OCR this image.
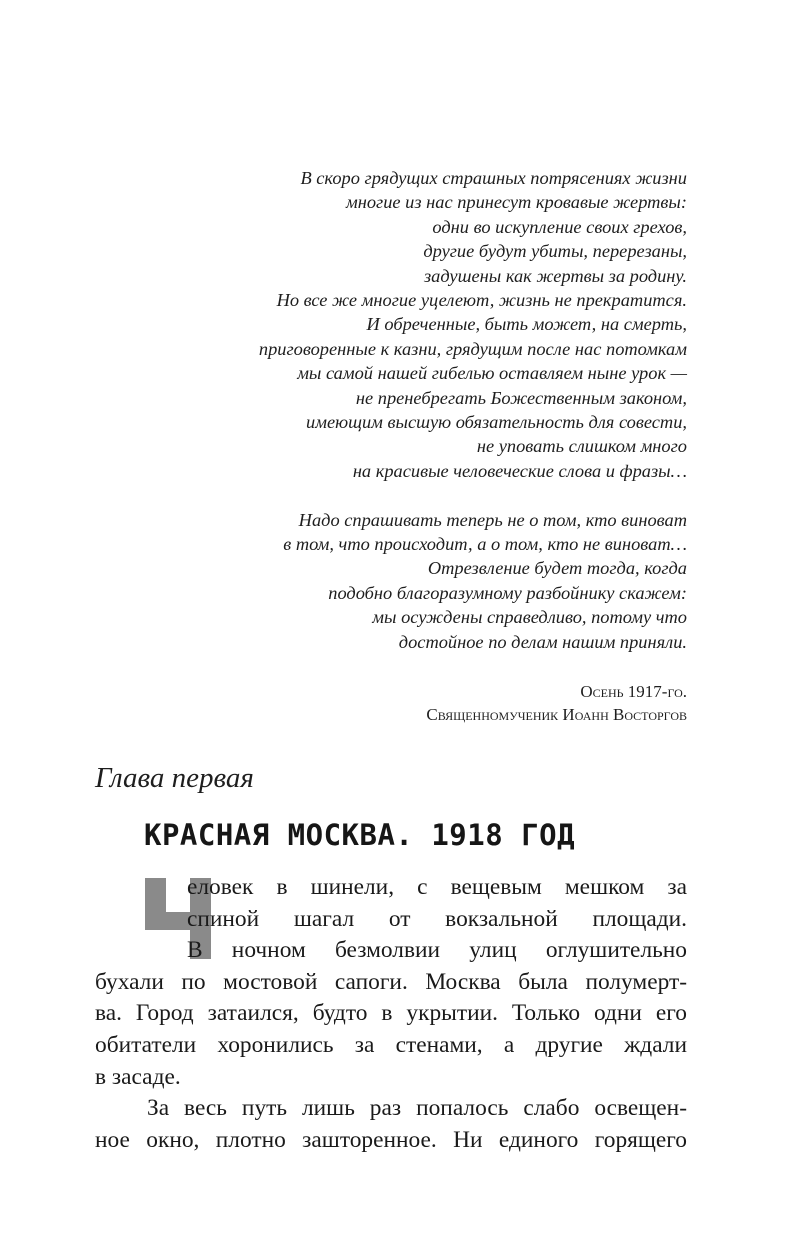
В скоро грядущих страшных потрясениях жизни
многие из нас принесут кровавые жертвы:
одни во искупление своих грехов,
другие будут убиты, перерезаны,
задушены как жертвы за родину.
Но все же многие уцелеют, жизнь не прекратится.
И обреченные, быть может, на смерть,
приговоренные к казни, грядущим после нас потомкам
мы самой нашей гибелью оставляем ныне урок —
не пренебрегать Божественным законом,
имеющим высшую обязательность для совести,
не уповать слишком много
на красивые человеческие слова и фразы…

Надо спрашивать теперь не о том, кто виноват
в том, что происходит, а о том, кто не виноват…
Отрезвление будет тогда, когда
подобно благоразумному разбойнику скажем:
мы осуждены справедливо, потому что
достойное по делам нашим приняли.

Осень 1917-го.
Священномученик Иоанн Восторгов
Глава первая
КРАСНАЯ МОСКВА. 1918 ГОД

еловек в шинели, с вещевым мешком за
спиной шагал от вокзальной площади.
В ночном безмолвии улиц оглушительно
бухали по мостовой сапоги. Москва была полумерт-
ва. Город затаился, будто в укрытии. Только одни его
обитатели хоронились за стенами, а другие ждали
в засаде.

За весь путь лишь раз попалось слабо освещен-
ное окно, плотно зашторенное. Ни единого горящего
